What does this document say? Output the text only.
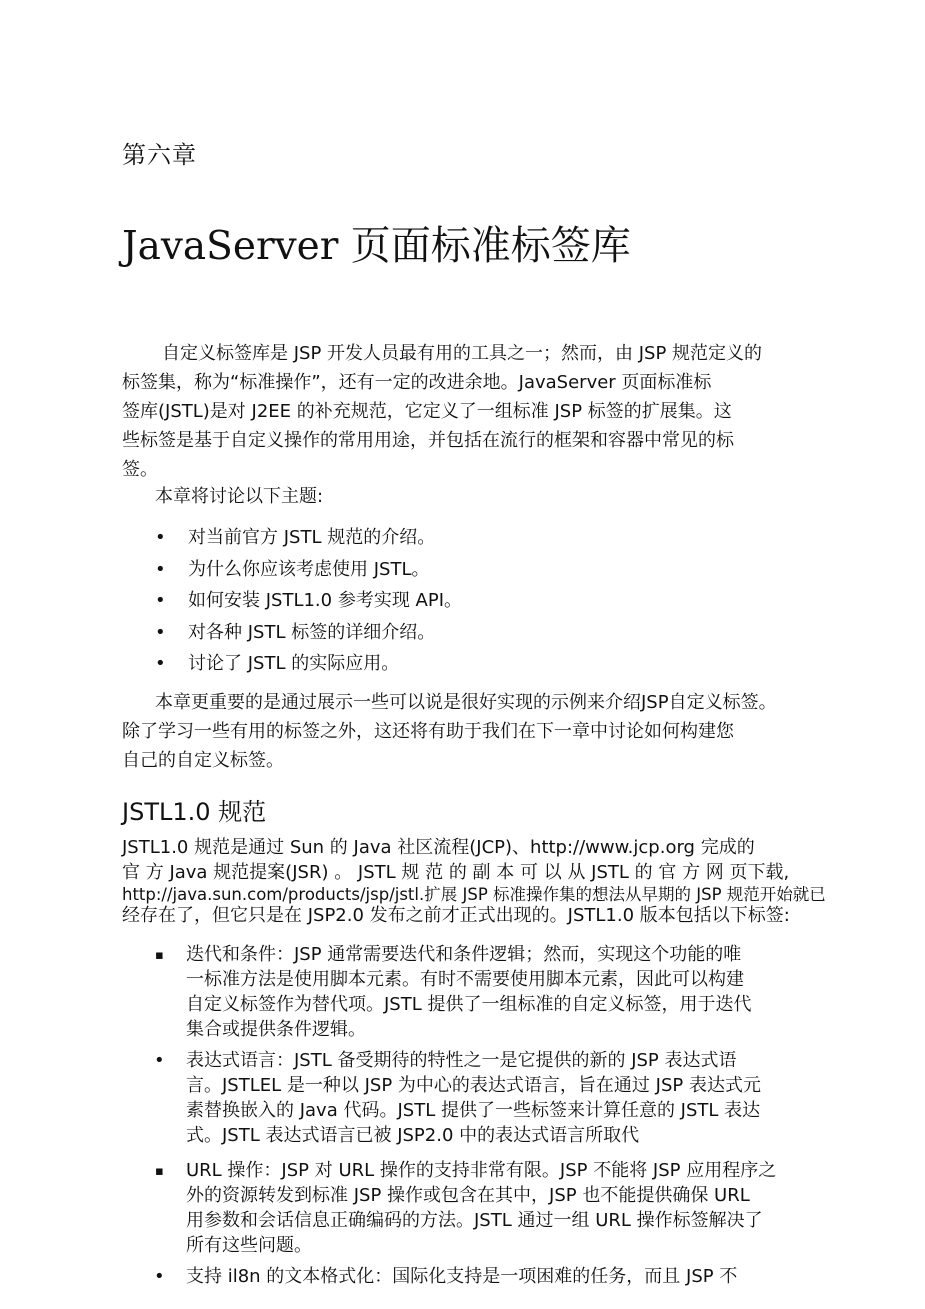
第六章
JavaServer 页面标准标签库
自定义标签库是 JSP 开发人员最有用的工具之一；然而，由 JSP 规范定义的
标签集，称为“标准操作”，还有一定的改进余地。JavaServer 页面标准标
签库(JSTL)是对 J2EE 的补充规范，它定义了一组标准 JSP 标签的扩展集。这
些标签是基于自定义操作的常用用途，并包括在流行的框架和容器中常见的标
签。
本章将讨论以下主题:
• 对当前官方 JSTL 规范的介绍。
• 为什么你应该考虑使用 JSTL。
• 如何安装 JSTL1.0 参考实现 API。
• 对各种 JSTL 标签的详细介绍。
• 讨论了 JSTL 的实际应用。
本章更重要的是通过展示一些可以说是很好实现的示例来介绍JSP自定义标签。
除了学习一些有用的标签之外，这还将有助于我们在下一章中讨论如何构建您
自己的自定义标签。
JSTL1.0 规范
JSTL1.0 规范是通过 Sun 的 Java 社区流程(JCP)、http://www.jcp.org 完成的
官 方 Java 规范提案(JSR) 。 JSTL 规 范 的 副 本 可 以 从 JSTL 的 官 方 网 页下载,
http://java.sun.com/products/jsp/jstl.扩展 JSP 标准操作集的想法从早期的 JSP 规范开始就已
经存在了，但它只是在 JSP2.0 发布之前才正式出现的。JSTL1.0 版本包括以下标签:
▪ 迭代和条件：JSP 通常需要迭代和条件逻辑；然而，实现这个功能的唯
一标准方法是使用脚本元素。有时不需要使用脚本元素，因此可以构建
自定义标签作为替代项。JSTL 提供了一组标准的自定义标签，用于迭代
集合或提供条件逻辑。
• 表达式语言：JSTL 备受期待的特性之一是它提供的新的 JSP 表达式语
言。JSTLEL 是一种以 JSP 为中心的表达式语言，旨在通过 JSP 表达式元
素替换嵌入的 Java 代码。JSTL 提供了一些标签来计算任意的 JSTL 表达
式。JSTL 表达式语言已被 JSP2.0 中的表达式语言所取代
▪ URL 操作：JSP 对 URL 操作的支持非常有限。JSP 不能将 JSP 应用程序之
外的资源转发到标准 JSP 操作或包含在其中，JSP 也不能提供确保 URL
用参数和会话信息正确编码的方法。JSTL 通过一组 URL 操作标签解决了
所有这些问题。
• 支持 il8n 的文本格式化：国际化支持是一项困难的任务，而且 JSP 不
